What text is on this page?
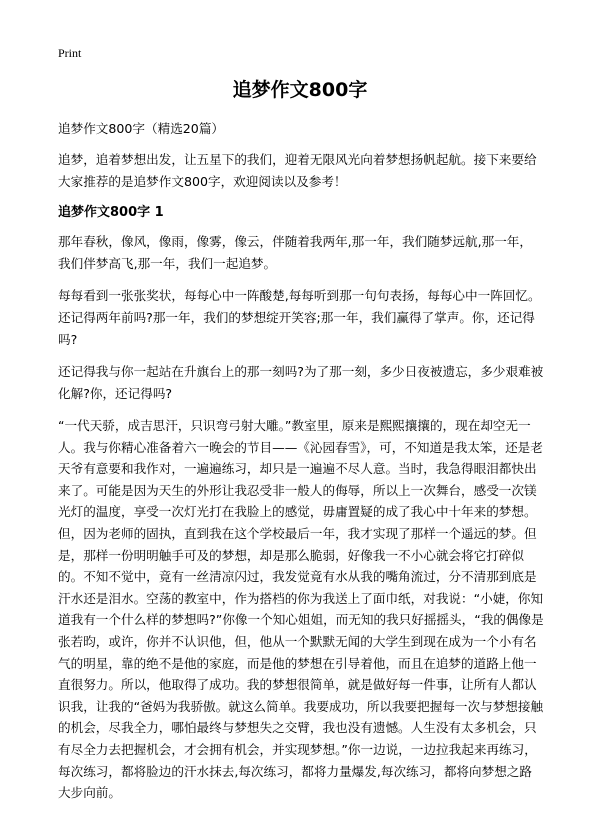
Print
追梦作文800字

追梦作文800字（精选20篇）

追梦，追着梦想出发，让五星下的我们，迎着无限风光向着梦想扬帆起航。接下来要给大家推荐的是追梦作文800字，欢迎阅读以及参考！

追梦作文800字 1

那年春秋，像风，像雨，像雾，像云，伴随着我两年,那一年，我们随梦远航,那一年，我们伴梦高飞,那一年，我们一起追梦。

每每看到一张张奖状，每每心中一阵酸楚,每每听到那一句句表扬，每每心中一阵回忆。还记得两年前吗?那一年，我们的梦想绽开笑容;那一年，我们赢得了掌声。你，还记得吗?

还记得我与你一起站在升旗台上的那一刻吗?为了那一刻，多少日夜被遗忘，多少艰难被化解?你，还记得吗?

“一代天骄，成吉思汗，只识弯弓射大雕。”教室里，原来是熙熙攘攘的，现在却空无一人。我与你精心准备着六一晚会的节目——《沁园春雪》，可，不知道是我太笨，还是老天爷有意要和我作对，一遍遍练习，却只是一遍遍不尽人意。当时，我急得眼泪都快出来了。可能是因为天生的外形让我忍受非一般人的侮辱，所以上一次舞台，感受一次镁光灯的温度，享受一次灯光打在我脸上的感觉，毋庸置疑的成了我心中十年来的梦想。但，因为老师的固执，直到我在这个学校最后一年，我才实现了那样一个遥远的梦。但是，那样一份明明触手可及的梦想，却是那么脆弱，好像我一不小心就会将它打碎似的。不知不觉中，竟有一丝清凉闪过，我发觉竟有水从我的嘴角流过，分不清那到底是汗水还是泪水。空荡的教室中，作为搭档的你为我送上了面巾纸，对我说：“小婕，你知道我有一个什么样的梦想吗?”你像一个知心姐姐，而无知的我只好摇摇头，“我的偶像是张若昀，或许，你并不认识他，但，他从一个默默无闻的大学生到现在成为一个小有名气的明星，靠的绝不是他的家庭，而是他的梦想在引导着他，而且在追梦的道路上他一直很努力。所以，他取得了成功。我的梦想很简单，就是做好每一件事，让所有人都认识我，让我的“爸妈为我骄傲。就这么简单。我要成功，所以我要把握每一次与梦想接触的机会，尽我全力，哪怕最终与梦想失之交臂，我也没有遗憾。人生没有太多机会，只有尽全力去把握机会，才会拥有机会，并实现梦想。”你一边说，一边拉我起来再练习，每次练习，都将脸边的汗水抹去,每次练习，都将力量爆发,每次练习，都将向梦想之路大步向前。
